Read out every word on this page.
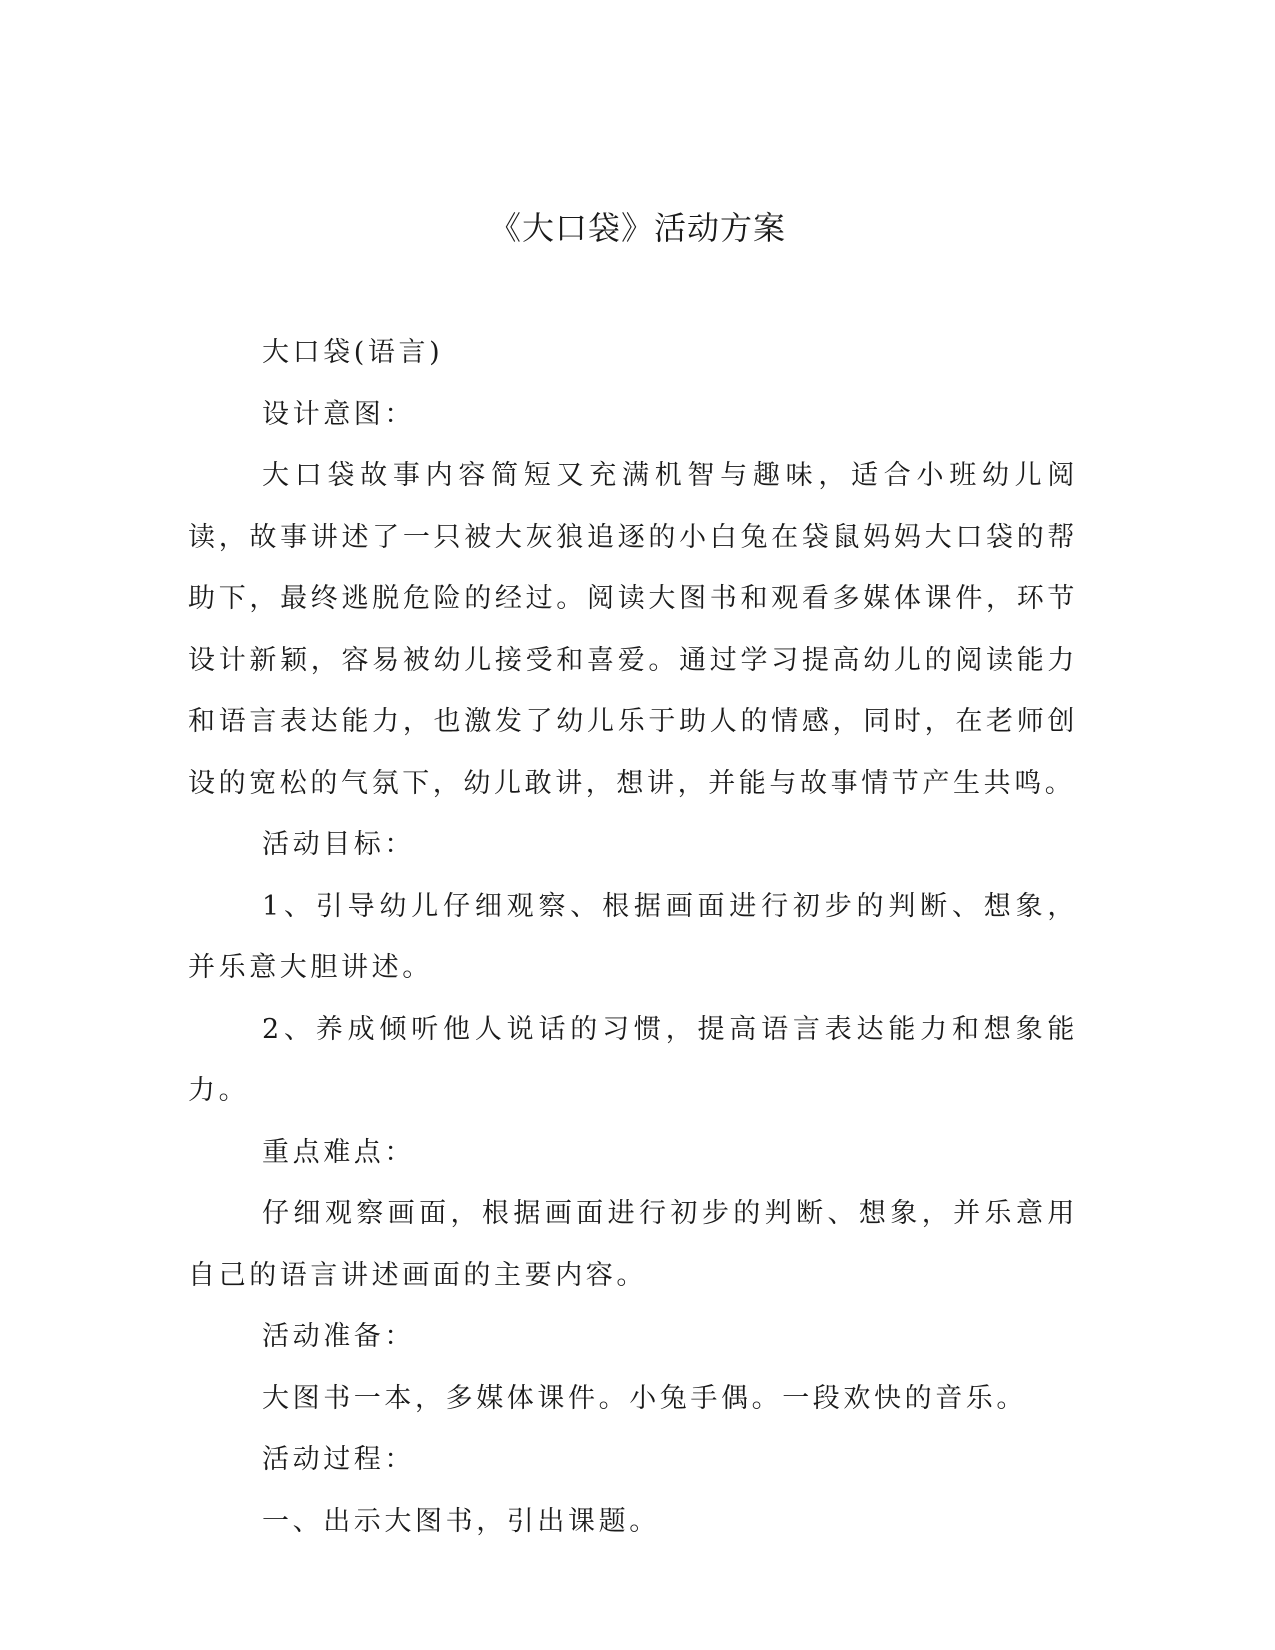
《大口袋》活动方案

大口袋(语言)

设计意图：

大口袋故事内容简短又充满机智与趣味，适合小班幼儿阅读，故事讲述了一只被大灰狼追逐的小白兔在袋鼠妈妈大口袋的帮助下，最终逃脱危险的经过。阅读大图书和观看多媒体课件，环节设计新颖，容易被幼儿接受和喜爱。通过学习提高幼儿的阅读能力和语言表达能力，也激发了幼儿乐于助人的情感，同时，在老师创设的宽松的气氛下，幼儿敢讲，想讲，并能与故事情节产生共鸣。

活动目标：

1、引导幼儿仔细观察、根据画面进行初步的判断、想象，并乐意大胆讲述。

2、养成倾听他人说话的习惯，提高语言表达能力和想象能力。

重点难点：

仔细观察画面，根据画面进行初步的判断、想象，并乐意用自己的语言讲述画面的主要内容。

活动准备：

大图书一本，多媒体课件。小兔手偶。一段欢快的音乐。

活动过程：

一、出示大图书，引出课题。
